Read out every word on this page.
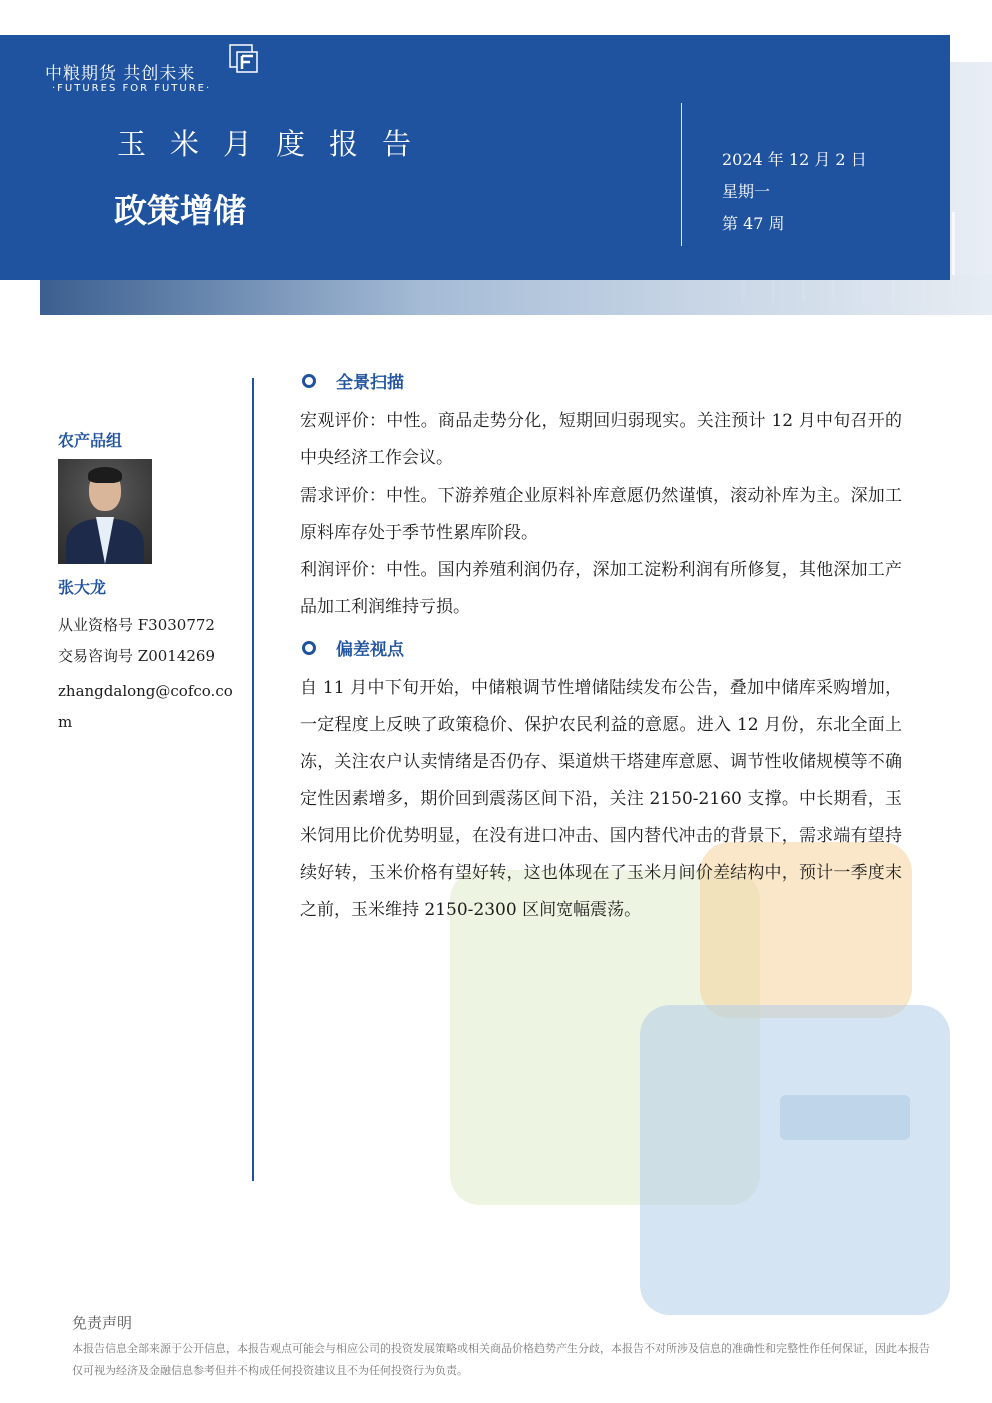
中粮期货 共创未来
·FUTURES FOR FUTURE·
玉米月度报告
政策增储
2024 年 12 月 2 日
星期一
第 47 周
农产品组
张大龙
从业资格号 F3030772
交易咨询号 Z0014269
zhangdalong@cofco.com
全景扫描
宏观评价：中性。商品走势分化，短期回归弱现实。关注预计 12 月中旬召开的中央经济工作会议。
需求评价：中性。下游养殖企业原料补库意愿仍然谨慎，滚动补库为主。深加工原料库存处于季节性累库阶段。
利润评价：中性。国内养殖利润仍存，深加工淀粉利润有所修复，其他深加工产品加工利润维持亏损。
偏差视点
自 11 月中下旬开始，中储粮调节性增储陆续发布公告，叠加中储库采购增加，一定程度上反映了政策稳价、保护农民利益的意愿。进入 12 月份，东北全面上冻，关注农户认卖情绪是否仍存、渠道烘干塔建库意愿、调节性收储规模等不确定性因素增多，期价回到震荡区间下沿，关注 2150-2160 支撑。中长期看，玉米饲用比价优势明显，在没有进口冲击、国内替代冲击的背景下，需求端有望持续好转，玉米价格有望好转，这也体现在了玉米月间价差结构中，预计一季度末之前，玉米维持 2150-2300 区间宽幅震荡。
免责声明
本报告信息全部来源于公开信息，本报告观点可能会与相应公司的投资发展策略或相关商品价格趋势产生分歧，本报告不对所涉及信息的准确性和完整性作任何保证，因此本报告仅可视为经济及金融信息参考但并不构成任何投资建议且不为任何投资行为负责。
